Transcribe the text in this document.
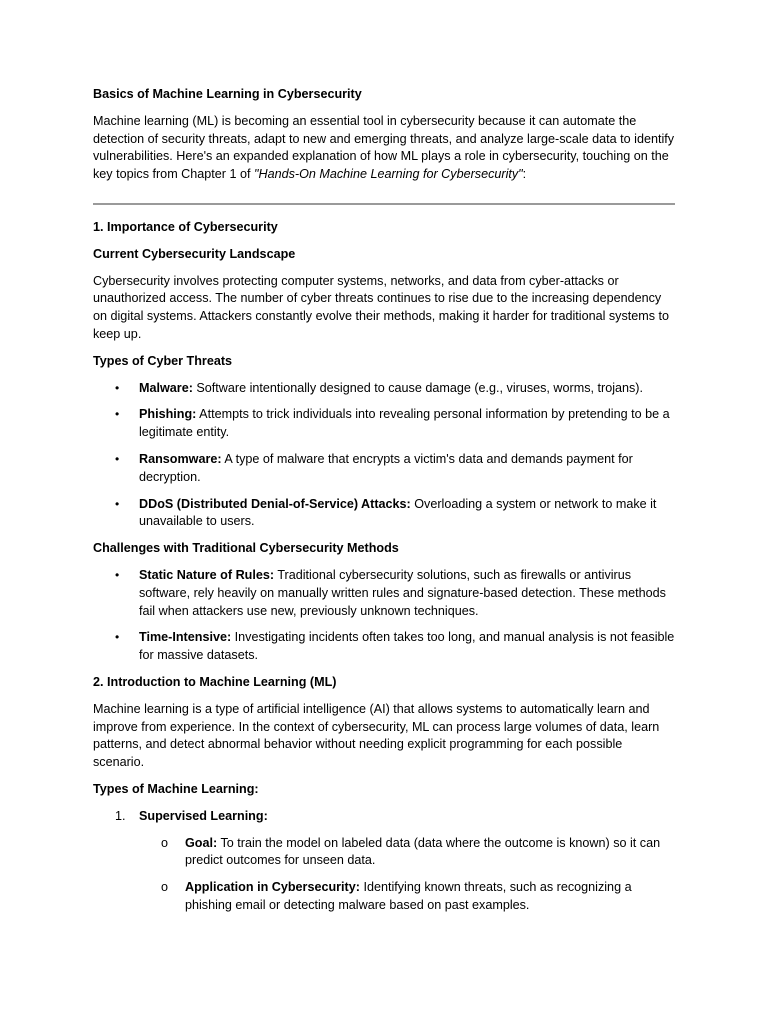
Basics of Machine Learning in Cybersecurity

Machine learning (ML) is becoming an essential tool in cybersecurity because it can automate the detection of security threats, adapt to new and emerging threats, and analyze large-scale data to identify vulnerabilities. Here's an expanded explanation of how ML plays a role in cybersecurity, touching on the key topics from Chapter 1 of "Hands-On Machine Learning for Cybersecurity":

1. Importance of Cybersecurity

Current Cybersecurity Landscape

Cybersecurity involves protecting computer systems, networks, and data from cyber-attacks or unauthorized access. The number of cyber threats continues to rise due to the increasing dependency on digital systems. Attackers constantly evolve their methods, making it harder for traditional systems to keep up.

Types of Cyber Threats

• Malware: Software intentionally designed to cause damage (e.g., viruses, worms, trojans).
• Phishing: Attempts to trick individuals into revealing personal information by pretending to be a legitimate entity.
• Ransomware: A type of malware that encrypts a victim's data and demands payment for decryption.
• DDoS (Distributed Denial-of-Service) Attacks: Overloading a system or network to make it unavailable to users.

Challenges with Traditional Cybersecurity Methods

• Static Nature of Rules: Traditional cybersecurity solutions, such as firewalls or antivirus software, rely heavily on manually written rules and signature-based detection. These methods fail when attackers use new, previously unknown techniques.
• Time-Intensive: Investigating incidents often takes too long, and manual analysis is not feasible for massive datasets.

2. Introduction to Machine Learning (ML)

Machine learning is a type of artificial intelligence (AI) that allows systems to automatically learn and improve from experience. In the context of cybersecurity, ML can process large volumes of data, learn patterns, and detect abnormal behavior without needing explicit programming for each possible scenario.

Types of Machine Learning:

1. Supervised Learning:
o Goal: To train the model on labeled data (data where the outcome is known) so it can predict outcomes for unseen data.
o Application in Cybersecurity: Identifying known threats, such as recognizing a phishing email or detecting malware based on past examples.
